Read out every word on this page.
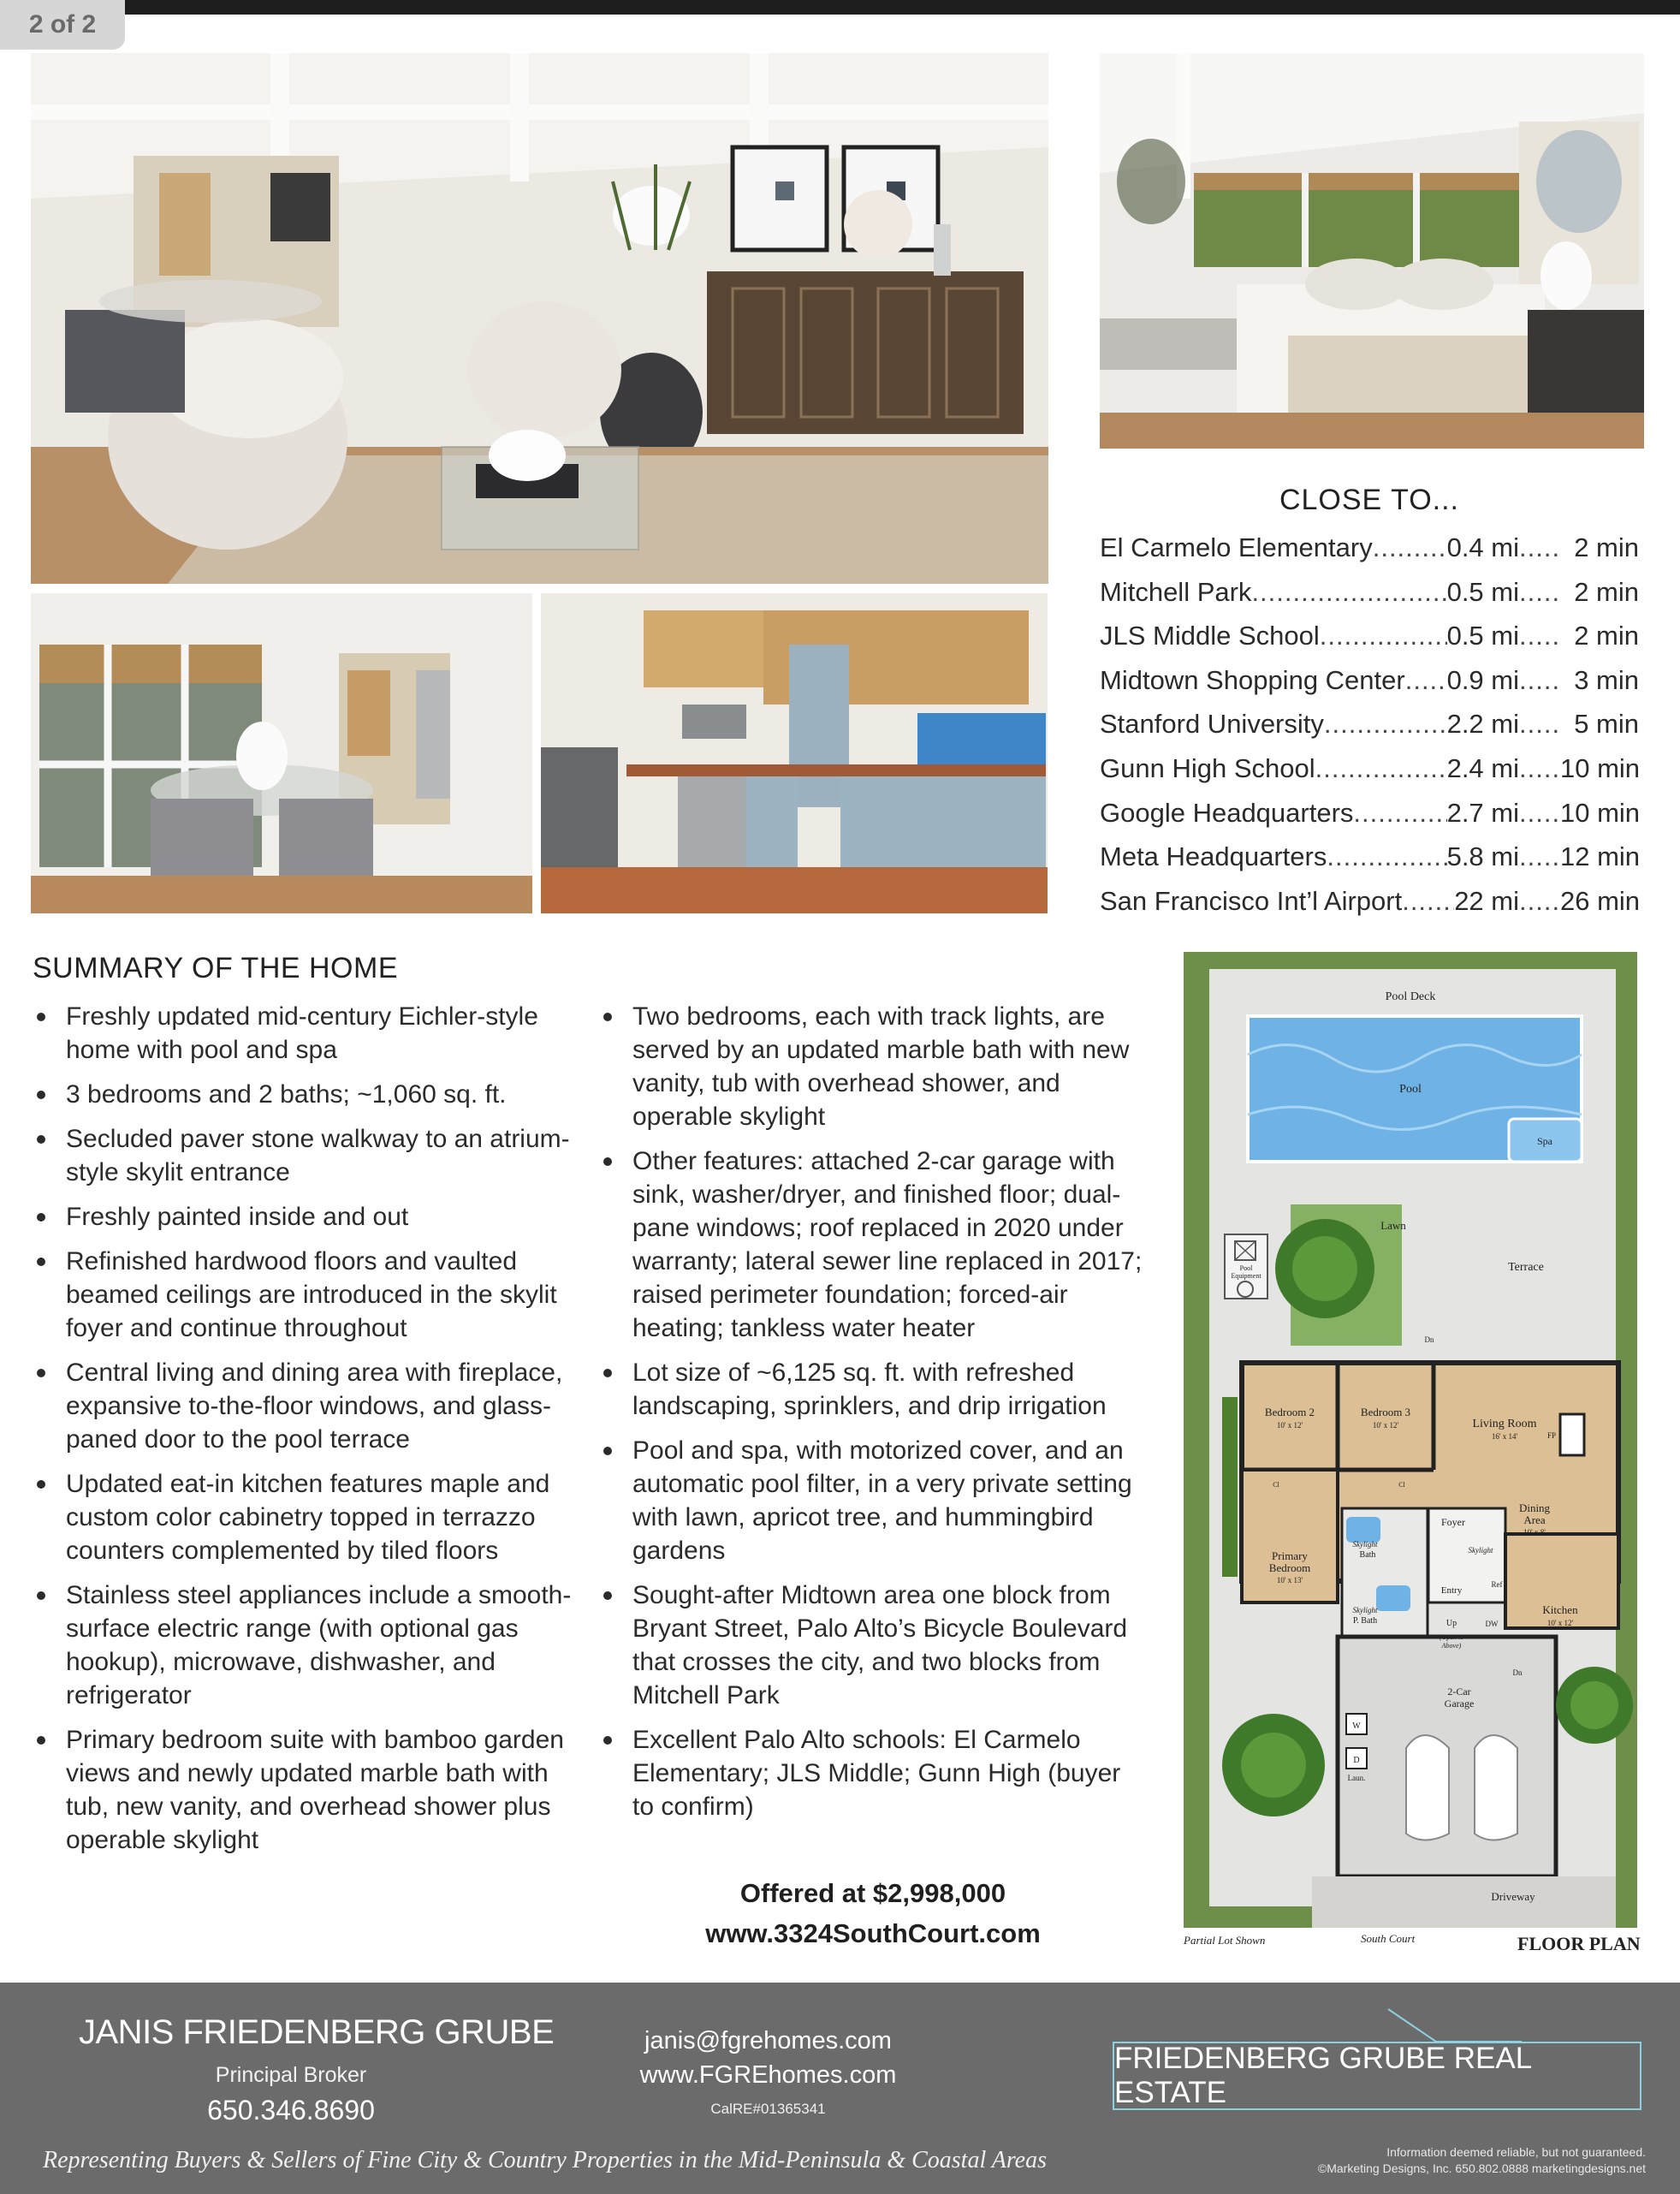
2 of 2
CLOSE TO...
El Carmelo Elementary .....	0.4 mi .....	2 min
Mitchell Park .....	0.5 mi .....	2 min
JLS Middle School .....	0.5 mi .....	2 min
Midtown Shopping Center ..... 0.9 mi .....	3 min
Stanford University .....	2.2 mi .....	5 min
Gunn High School .....	2.4 mi ..... 10 min
Google Headquarters .....	2.7 mi ..... 10 min
Meta Headquarters .....	5.8 mi ..... 12 min
San Francisco Int’l Airport ..... 22 mi ..... 26 min
SUMMARY OF THE HOME
Freshly updated mid-century Eichler-style home with pool and spa
3 bedrooms and 2 baths; ~1,060 sq. ft.
Secluded paver stone walkway to an atrium-style skylit entrance
Freshly painted inside and out
Refinished hardwood floors and vaulted beamed ceilings are introduced in the skylit foyer and continue throughout
Central living and dining area with fireplace, expansive to-the-floor windows, and glass-paned door to the pool terrace
Updated eat-in kitchen features maple and custom color cabinetry topped in terrazzo counters complemented by tiled floors
Stainless steel appliances include a smooth-surface electric range (with optional gas hookup), microwave, dishwasher, and refrigerator
Primary bedroom suite with bamboo garden views and newly updated marble bath with tub, new vanity, and overhead shower plus operable skylight
Two bedrooms, each with track lights, are served by an updated marble bath with new vanity, tub with overhead shower, and operable skylight
Other features: attached 2-car garage with sink, washer/dryer, and finished floor; dual-pane windows; roof replaced in 2020 under warranty; lateral sewer line replaced in 2017; raised perimeter foundation; forced-air heating; tankless water heater
Lot size of ~6,125 sq. ft. with refreshed landscaping, sprinklers, and drip irrigation
Pool and spa, with motorized cover, and an automatic pool filter, in a very private setting with lawn, apricot tree, and hummingbird gardens
Sought-after Midtown area one block from Bryant Street, Palo Alto’s Bicycle Boulevard that crosses the city, and two blocks from Mitchell Park
Excellent Palo Alto schools: El Carmelo Elementary; JLS Middle; Gunn High (buyer to confirm)
Offered at $2,998,000
www.3324SouthCourt.com
Pool Deck
Pool
Spa
Lawn
Terrace
Pool
Equipment
Dn
Bedroom 2
10' x 12'
Bedroom 3
10' x 12'	Living Room
16' x 14'	FP
Cl	Cl
Dining
Area
10' x 8'
Foyer
Skylight
Skylight
Bath
Primary
Bedroom
10' x 13'
Entry
Skylight
P. Bath
Ref
Kitchen
10' x 12'
Up
(Open to
Above)
DW
Dn
2-Car
Garage
W
D
Laun.
Driveway
South Court
Partial Lot Shown	FLOOR PLAN
JANIS FRIEDENBERG GRUBE
Principal Broker
650.346.8690
janis@fgrehomes.com
www.FGREhomes.com
CalRE#01365341
FRIEDENBERG GRUBE REAL ESTATE
Representing Buyers & Sellers of Fine City & Country Properties in the Mid-Peninsula & Coastal Areas	Information deemed reliable, but not guaranteed.
©Marketing Designs, Inc. 650.802.0888 marketingdesigns.net
